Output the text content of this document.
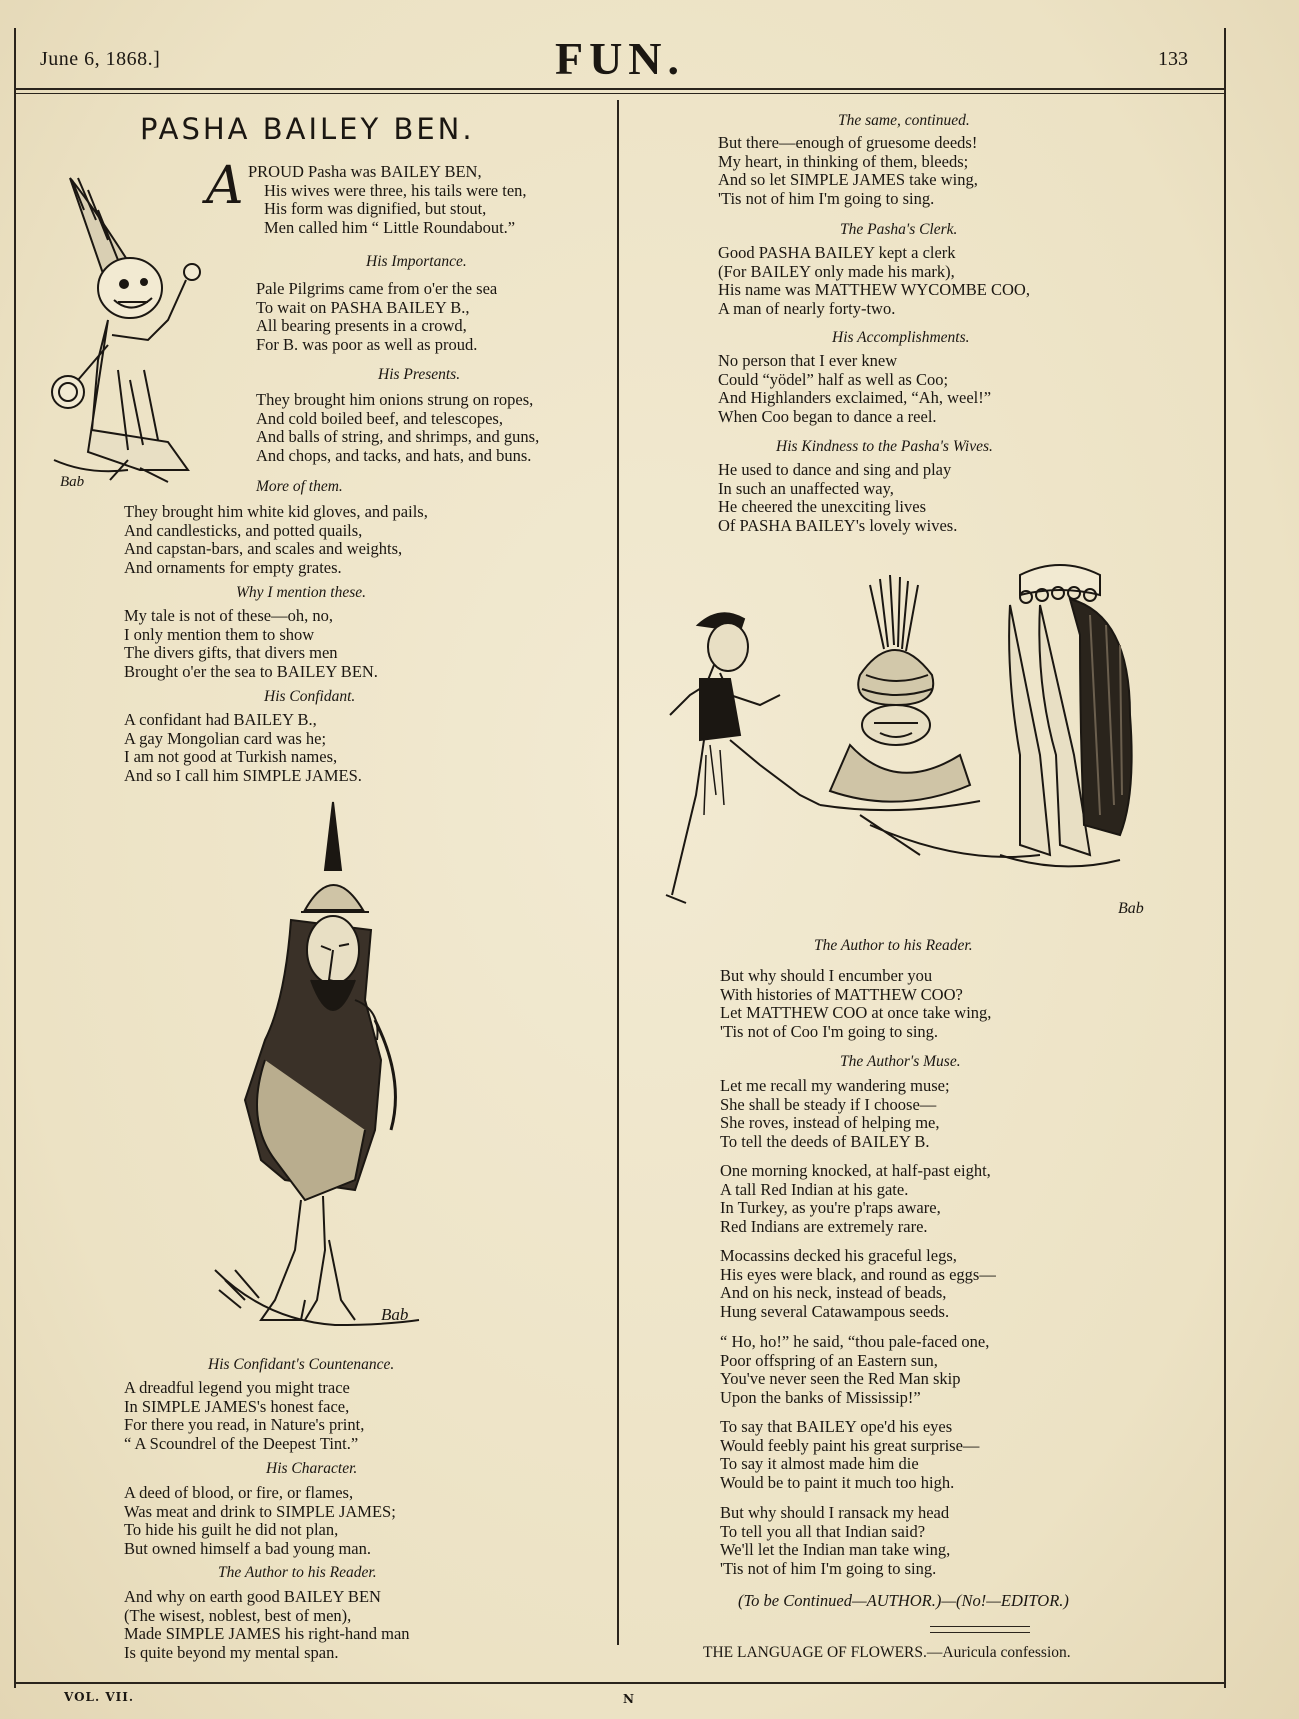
June 6, 1868.]	FUN.	133
PASHA BAILEY BEN.
Bab
A PROUD Pasha was BAILEY BEN,
His wives were three, his tails were ten,
His form was dignified, but stout,
Men called him “ Little Roundabout.”
His Importance.
Pale Pilgrims came from o'er the sea
To wait on PASHA BAILEY B.,
All bearing presents in a crowd,
For B. was poor as well as proud.
His Presents.
They brought him onions strung on ropes,
And cold boiled beef, and telescopes,
And balls of string, and shrimps, and guns,
And chops, and tacks, and hats, and buns.
More of them.
They brought him white kid gloves, and pails,
And candlesticks, and potted quails,
And capstan-bars, and scales and weights,
And ornaments for empty grates.
Why I mention these.
My tale is not of these—oh, no,
I only mention them to show
The divers gifts, that divers men
Brought o'er the sea to BAILEY BEN.
His Confidant.
A confidant had BAILEY B.,
A gay Mongolian card was he;
I am not good at Turkish names,
And so I call him SIMPLE JAMES.
Bab
His Confidant's Countenance.
A dreadful legend you might trace
In SIMPLE JAMES's honest face,
For there you read, in Nature's print,
“ A Scoundrel of the Deepest Tint.”
His Character.
A deed of blood, or fire, or flames,
Was meat and drink to SIMPLE JAMES;
To hide his guilt he did not plan,
But owned himself a bad young man.
The Author to his Reader.
And why on earth good BAILEY BEN
(The wisest, noblest, best of men),
Made SIMPLE JAMES his right-hand man
Is quite beyond my mental span.
The same, continued.
But there—enough of gruesome deeds!
My heart, in thinking of them, bleeds;
And so let SIMPLE JAMES take wing,
'Tis not of him I'm going to sing.
The Pasha's Clerk.
Good PASHA BAILEY kept a clerk
(For BAILEY only made his mark),
His name was MATTHEW WYCOMBE COO,
A man of nearly forty-two.
His Accomplishments.
No person that I ever knew
Could “yödel” half as well as Coo;
And Highlanders exclaimed, “Ah, weel!”
When Coo began to dance a reel.
His Kindness to the Pasha's Wives.
He used to dance and sing and play
In such an unaffected way,
He cheered the unexciting lives
Of PASHA BAILEY's lovely wives.
Bab
The Author to his Reader.
But why should I encumber you
With histories of MATTHEW COO?
Let MATTHEW COO at once take wing,
'Tis not of Coo I'm going to sing.
The Author's Muse.
Let me recall my wandering muse;
She shall be steady if I choose—
She roves, instead of helping me,
To tell the deeds of BAILEY B.
One morning knocked, at half-past eight,
A tall Red Indian at his gate.
In Turkey, as you're p'raps aware,
Red Indians are extremely rare.
Mocassins decked his graceful legs,
His eyes were black, and round as eggs—
And on his neck, instead of beads,
Hung several Catawampous seeds.
“ Ho, ho!” he said, “thou pale-faced one,
Poor offspring of an Eastern sun,
You've never seen the Red Man skip
Upon the banks of Mississip!”
To say that BAILEY ope'd his eyes
Would feebly paint his great surprise—
To say it almost made him die
Would be to paint it much too high.
But why should I ransack my head
To tell you all that Indian said?
We'll let the Indian man take wing,
'Tis not of him I'm going to sing.
(To be Continued—AUTHOR.)—(No!—EDITOR.)
THE LANGUAGE OF FLOWERS.—Auricula confession.
VOL. VII.	N
